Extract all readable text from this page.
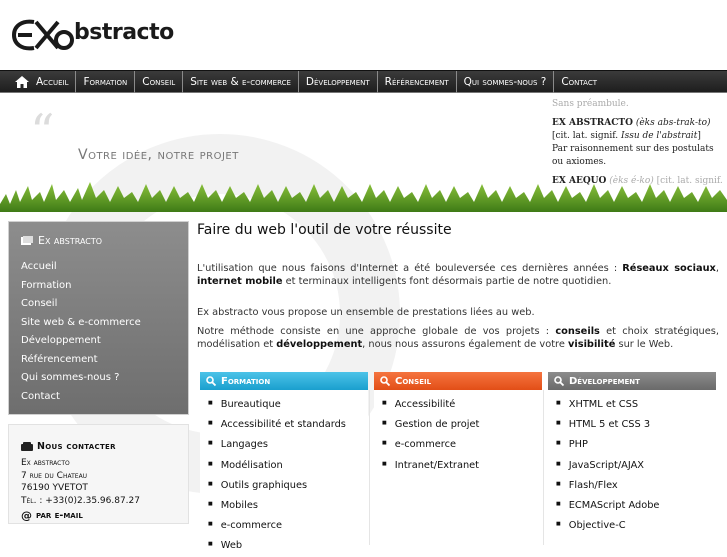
bstracto
Accueil	Formation	Conseil	Site web & e-commerce	Développement	Référencement	Qui sommes-nous ?	Contact
“ Votre idée, notre projet

Sans préambule.

EX ABSTRACTO (èks abs-trak-to)
[cit. lat. signif. Issu de l'abstrait]
Par raisonnement sur des postulats ou axiomes.

EX AEQUO (èks é-ko) [cit. lat. signif.

Ex abstracto
Accueil
Formation
Conseil
Site web & e-commerce
Développement
Référencement
Qui sommes-nous ?
Contact
Nous contacter
Ex abstracto
7 rue du Chateau
76190 YVETOT
Tél. : +33(0)2.35.96.87.27
@ par e-mail
Faire du web l'outil de votre réussite
L'utilisation que nous faisons d'Internet a été bouleversée ces dernières années : Réseaux sociaux, internet mobile et terminaux intelligents font désormais partie de notre quotidien.
Ex abstracto vous propose un ensemble de prestations liées au web.
Notre méthode consiste en une approche globale de vos projets : conseils et choix stratégiques, modélisation et développement, nous nous assurons également de votre visibilité sur le Web.
Formation
■ Bureautique
■ Accessibilité et standards
■ Langages
■ Modélisation
■ Outils graphiques
■ Mobiles
■ e-commerce
■ Web
Conseil
■ Accessibilité
■ Gestion de projet
■ e-commerce
■ Intranet/Extranet
Développement
■ XHTML et CSS
■ HTML 5 et CSS 3
■ PHP
■ JavaScript/AJAX
■ Flash/Flex
■ ECMAScript Adobe
■ Objective-C
